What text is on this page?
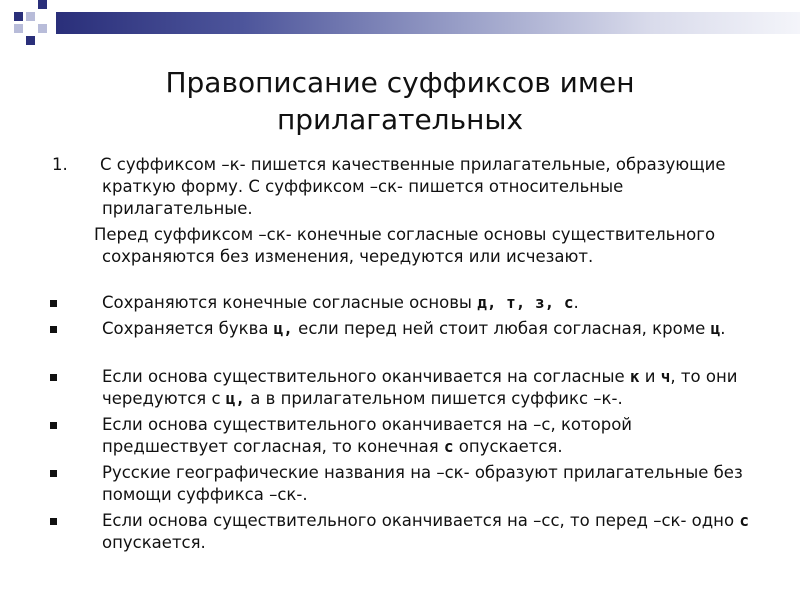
Правописание суффиксов имен прилагательных
1. С суффиксом –к- пишется качественные прилагательные, образующие краткую форму. С суффиксом –ск- пишется относительные прилагательные.
Перед суффиксом –ск- конечные согласные основы существительного сохраняются без изменения, чередуются или исчезают.
Сохраняются конечные согласные основы д, т, з, с.
Сохраняется буква ц, если перед ней стоит любая согласная, кроме ц.
Если основа существительного оканчивается на согласные к и ч, то они чередуются с ц, а в прилагательном пишется суффикс –к-.
Если основа существительного оканчивается на –с, которой предшествует согласная, то конечная с опускается.
Русские географические названия на –ск- образуют прилагательные без помощи суффикса –ск-.
Если основа существительного оканчивается на –сс, то перед –ск- одно с опускается.
